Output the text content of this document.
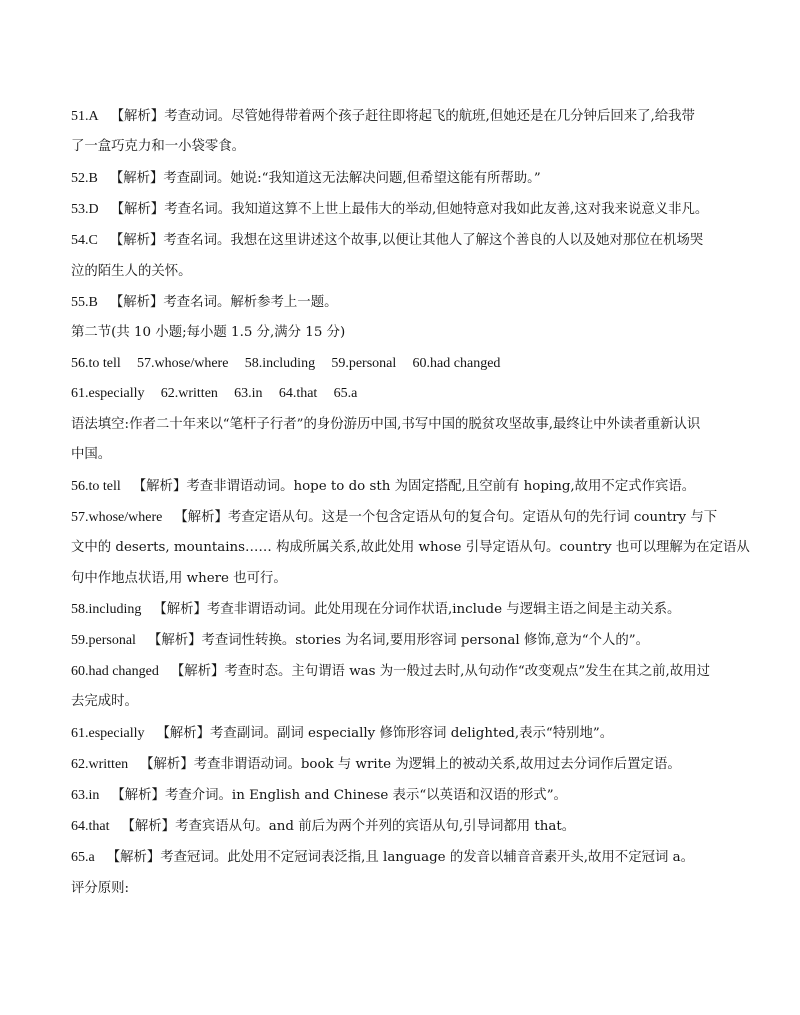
51.A 【解析】考查动词。尽管她得带着两个孩子赶往即将起飞的航班,但她还是在几分钟后回来了,给我带

了一盒巧克力和一小袋零食。

52.B 【解析】考查副词。她说:“我知道这无法解决问题,但希望这能有所帮助。”

53.D 【解析】考查名词。我知道这算不上世上最伟大的举动,但她特意对我如此友善,这对我来说意义非凡。

54.C 【解析】考查名词。我想在这里讲述这个故事,以便让其他人了解这个善良的人以及她对那位在机场哭

泣的陌生人的关怀。

55.B 【解析】考查名词。解析参考上一题。

第二节(共 10 小题;每小题 1.5 分,满分 15 分)

56.to tell 57.whose/where 58.including 59.personal 60.had changed

61.especially 62.written 63.in 64.that 65.a

语法填空:作者二十年来以“笔杆子行者”的身份游历中国,书写中国的脱贫攻坚故事,最终让中外读者重新认识

中国。

56.to tell 【解析】考查非谓语动词。hope to do sth 为固定搭配,且空前有 hoping,故用不定式作宾语。

57.whose/where 【解析】考查定语从句。这是一个包含定语从句的复合句。定语从句的先行词 country 与下

文中的 deserts, mountains…… 构成所属关系,故此处用 whose 引导定语从句。country 也可以理解为在定语从

句中作地点状语,用 where 也可行。

58.including 【解析】考查非谓语动词。此处用现在分词作状语,include 与逻辑主语之间是主动关系。

59.personal 【解析】考查词性转换。stories 为名词,要用形容词 personal 修饰,意为“个人的”。

60.had changed 【解析】考查时态。主句谓语 was 为一般过去时,从句动作“改变观点”发生在其之前,故用过

去完成时。

61.especially 【解析】考查副词。副词 especially 修饰形容词 delighted,表示“特别地”。

62.written 【解析】考查非谓语动词。book 与 write 为逻辑上的被动关系,故用过去分词作后置定语。

63.in 【解析】考查介词。in English and Chinese 表示“以英语和汉语的形式”。

64.that 【解析】考查宾语从句。and 前后为两个并列的宾语从句,引导词都用 that。

65.a 【解析】考查冠词。此处用不定冠词表泛指,且 language 的发音以辅音音素开头,故用不定冠词 a。

评分原则:
